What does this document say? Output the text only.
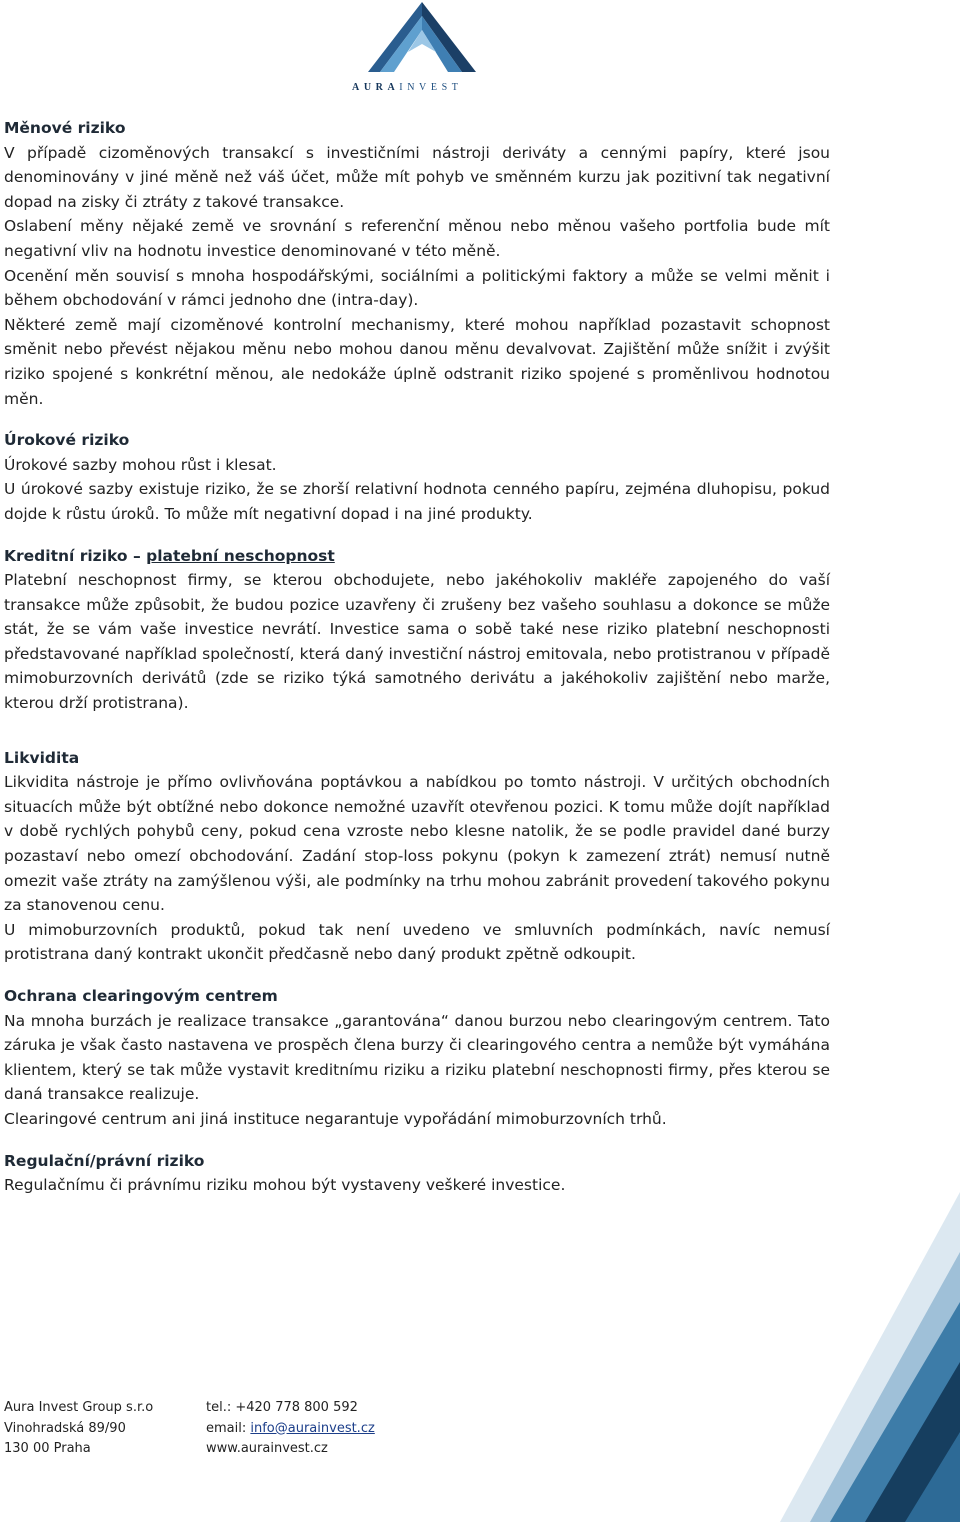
AURAINVEST
Měnové riziko

V případě cizoměnových transakcí s investičními nástroji deriváty a cennými papíry, které jsou denominovány v jiné měně než váš účet, může mít pohyb ve směnném kurzu jak pozitivní tak negativní dopad na zisky či ztráty z takové transakce.

Oslabení měny nějaké země ve srovnání s referenční měnou nebo měnou vašeho portfolia bude mít negativní vliv na hodnotu investice denominované v této měně.

Ocenění měn souvisí s mnoha hospodářskými, sociálními a politickými faktory a může se velmi měnit i během obchodování v rámci jednoho dne (intra-day).

Některé země mají cizoměnové kontrolní mechanismy, které mohou například pozastavit schopnost směnit nebo převést nějakou měnu nebo mohou danou měnu devalvovat. Zajištění může snížit i zvýšit riziko spojené s konkrétní měnou, ale nedokáže úplně odstranit riziko spojené s proměnlivou hodnotou měn.

Úrokové riziko

Úrokové sazby mohou růst i klesat.

U úrokové sazby existuje riziko, že se zhorší relativní hodnota cenného papíru, zejména dluhopisu, pokud dojde k růstu úroků. To může mít negativní dopad i na jiné produkty.

Kreditní riziko – platební neschopnost

Platební neschopnost firmy, se kterou obchodujete, nebo jakéhokoliv makléře zapojeného do vaší transakce může způsobit, že budou pozice uzavřeny či zrušeny bez vašeho souhlasu a dokonce se může stát, že se vám vaše investice nevrátí. Investice sama o sobě také nese riziko platební neschopnosti představované například společností, která daný investiční nástroj emitovala, nebo protistranou v případě mimoburzovních derivátů (zde se riziko týká samotného derivátu a jakéhokoliv zajištění nebo marže, kterou drží protistrana).

Likvidita

Likvidita nástroje je přímo ovlivňována poptávkou a nabídkou po tomto nástroji. V určitých obchodních situacích může být obtížné nebo dokonce nemožné uzavřít otevřenou pozici. K tomu může dojít například v době rychlých pohybů ceny, pokud cena vzroste nebo klesne natolik, že se podle pravidel dané burzy pozastaví nebo omezí obchodování. Zadání stop-loss pokynu (pokyn k zamezení ztrát) nemusí nutně omezit vaše ztráty na zamýšlenou výši, ale podmínky na trhu mohou zabránit provedení takového pokynu za stanovenou cenu.

U mimoburzovních produktů, pokud tak není uvedeno ve smluvních podmínkách, navíc nemusí protistrana daný kontrakt ukončit předčasně nebo daný produkt zpětně odkoupit.

Ochrana clearingovým centrem

Na mnoha burzách je realizace transakce „garantována“ danou burzou nebo clearingovým centrem. Tato záruka je však často nastavena ve prospěch člena burzy či clearingového centra a nemůže být vymáhána klientem, který se tak může vystavit kreditnímu riziku a riziku platební neschopnosti firmy, přes kterou se daná transakce realizuje.

Clearingové centrum ani jiná instituce negarantuje vypořádání mimoburzovních trhů.

Regulační/právní riziko

Regulačnímu či právnímu riziku mohou být vystaveny veškeré investice.

Aura Invest Group s.r.o
Vinohradská 89/90
130 00 Praha
tel.: +420 778 800 592
email: info@aurainvest.cz
www.aurainvest.cz
